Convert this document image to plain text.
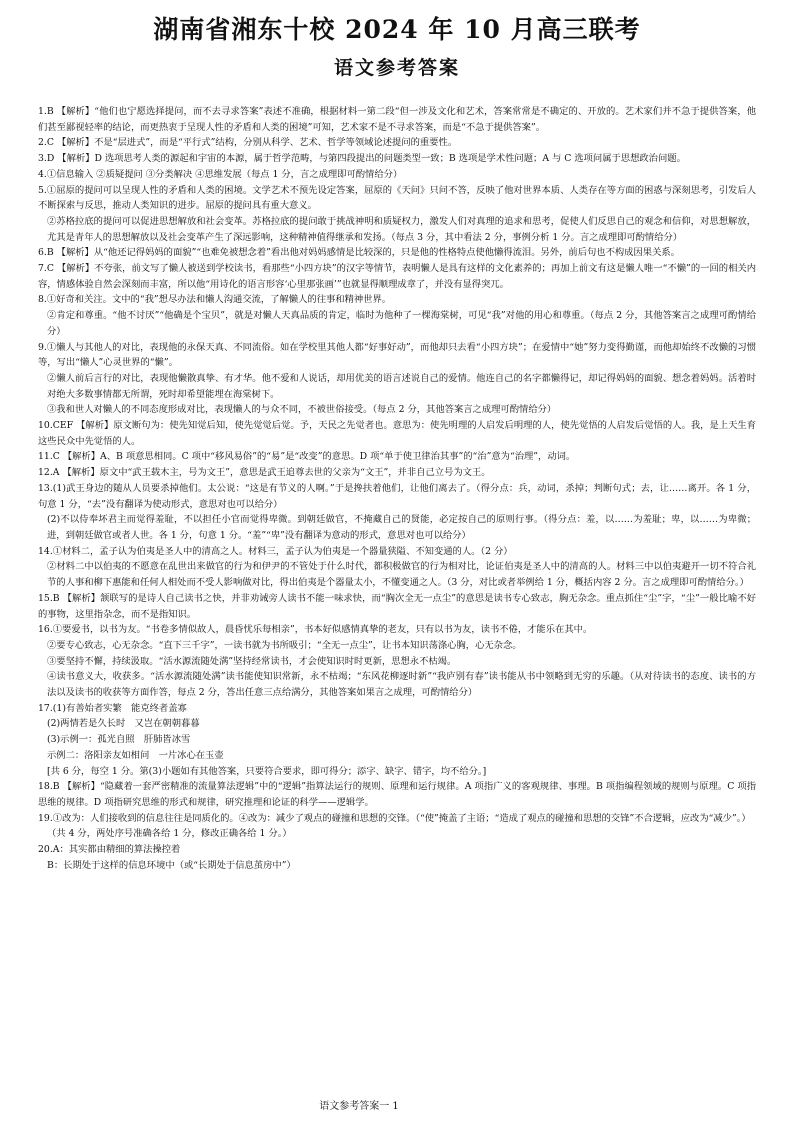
湖南省湘东十校 2024 年 10 月高三联考
语文参考答案

1.B 【解析】“他们也宁愿选择提问，而不去寻求答案”表述不准确，根据材料一第二段“但一涉及文化和艺术，答案常常是不确定的、开放的。艺术家们并不急于提供答案，他们甚至鄙视轻率的结论，而更热衷于呈现人性的矛盾和人类的困境”可知，艺术家不是不寻求答案，而是“不急于提供答案”。

2.C 【解析】不是“层进式”，而是“平行式”结构，分别从科学、艺术、哲学等领域论述提问的重要性。

3.D 【解析】D 选项思考人类的源起和宇宙的本源，属于哲学范畴，与第四段提出的问题类型一致；B 选项是学术性问题；A 与 C 选项问属于思想政治问题。

4.①信息输入 ②质疑提问 ③分类解决 ④思维发展（每点 1 分，言之成理即可酌情给分）

5.①屈原的提问可以呈现人性的矛盾和人类的困境。文学艺术不预先设定答案，屈原的《天问》只问不答，反映了他对世界本质、人类存在等方面的困惑与深刻思考，引发后人不断探索与反思，推动人类知识的进步。屈原的提问具有重大意义。

②苏格拉底的提问可以促进思想解放和社会变革。苏格拉底的提问敢于挑战神明和质疑权力，激发人们对真理的追求和思考，促使人们反思自己的观念和信仰，对思想解放，尤其是青年人的思想解放以及社会变革产生了深远影响，这种精神值得继承和发扬。（每点 3 分，其中看法 2 分，事例分析 1 分。言之成理即可酌情给分）

6.B 【解析】从“他还记得妈妈的面貌”“也难免被想念着”看出他对妈妈感情是比较深的，只是他的性格特点使他懒得流泪。另外，前后句也不构成因果关系。

7.C 【解析】不夸张，前文写了懒人被送到学校读书，看那些“小四方块”的汉字等情节，表明懒人是具有这样的文化素养的；再加上前文有这是懒人唯一“不懒”的一回的相关内容，情感体验自然会深刻而丰富，所以他“用诗化的语言形容‘心里那张画’”也就显得顺理成章了，并没有显得突兀。

8.①好奇和关注。文中的“我”想尽办法和懒人沟通交流，了解懒人的往事和精神世界。

②肯定和尊重。“他不讨厌”“他确是个宝贝”，就是对懒人天真品质的肯定，临时为他种了一棵海棠树，可见“我”对他的用心和尊重。（每点 2 分，其他答案言之成理可酌情给分）

9.①懒人与其他人的对比，表现他的永保天真、不同流俗。如在学校里其他人都“好事好动”，而他却只去看“小四方块”；在爱情中“她”努力变得勤谨，而他却始终不改懒的习惯等，写出“懒人”心灵世界的“懒”。

②懒人前后言行的对比，表现他懒散真挚、有才华。他不爱和人说话，却用优美的语言述说自己的爱情。他连自己的名字都懒得记，却记得妈妈的面貌、想念着妈妈。活着时对绝大多数事情都无所谓，死时却希望能埋在海棠树下。

③我和世人对懒人的不同态度形成对比，表现懒人的与众不同，不被世俗接受。（每点 2 分，其他答案言之成理可酌情给分）

10.CEF 【解析】原文断句为：使先知觉后知，使先觉觉后觉。予，天民之先觉者也。意思为：使先明理的人启发后明理的人，使先觉悟的人启发后觉悟的人。我，是上天生育这些民众中先觉悟的人。

11.C 【解析】A、B 项意思相同。C 项中“移风易俗”的“易”是“改变”的意思。D 项“单于使卫律治其事”的“治”意为“治理”，动词。

12.A 【解析】原文中“武王载木主，号为文王”，意思是武王追尊去世的父亲为“文王”，并非自己立号为文王。

13.(1)武王身边的随从人员要杀掉他们。太公说：“这是有节义的人啊。”于是搀扶着他们，让他们离去了。（得分点：兵，动词，杀掉；判断句式；去，让……离开。各 1 分，句意 1 分，“去”没有翻译为使动形式，意思对也可以给分）

(2)不以侍奉坏君主而觉得羞耻，不以担任小官而觉得卑微。到朝廷做官，不掩藏自己的贤能，必定按自己的原则行事。（得分点：羞，以……为羞耻；卑，以……为卑微；进，到朝廷做官或者人世。各 1 分，句意 1 分。“羞”“卑”没有翻译为意动的形式，意思对也可以给分）

14.①材料二，孟子认为伯夷是圣人中的清高之人。材料三，孟子认为伯夷是一个器量狭隘、不知变通的人。（2 分）

②材料二中以伯夷的不愿意在乱世出来做官的行为和伊尹的不管处于什么时代，都积极做官的行为相对比，论证伯夷是圣人中的清高的人。材料三中以伯夷避开一切不符合礼节的人事和柳下惠能和任何人相处而不受人影响做对比，得出伯夷是个器量太小，不懂变通之人。（3 分，对比或者举例给 1 分，概括内容 2 分。言之成理即可酌情给分。）

15.B 【解析】颔联写的是诗人自己读书之快，并非劝诫旁人读书不能一味求快，而“胸次全无一点尘”的意思是读书专心致志，胸无杂念。重点抓住“尘”字，“尘”一般比喻不好的事物，这里指杂念，而不是指知识。

16.①要爱书，以书为友。“书卷多情似故人，晨昏忧乐每相亲”，书本好似感情真挚的老友，只有以书为友，读书不倦，才能乐在其中。

②要专心致志，心无杂念。“直下三千字”，一读书就为书所吸引；“全无一点尘”，让书本知识荡涤心胸，心无杂念。

③要坚持不懈，持续汲取。“活水源流随处满”坚持经常读书，才会使知识时时更新，思想永不枯竭。

④读书意义大，收获多。“活水源流随处满”读书能使知识常新，永不枯竭；“东风花柳逐时新”“我庐别有春”读书能从书中领略到无穷的乐趣。（从对待读书的态度、读书的方法以及读书的收获等方面作答，每点 2 分，答出任意三点给满分，其他答案如果言之成理，可酌情给分）

17.(1)有善始者实繁　能克终者盖寡

(2)两情若是久长时　又岂在朝朝暮暮

(3)示例一：孤光自照　肝肺皆冰雪

示例二：洛阳亲友如相问　一片冰心在玉壶

[共 6 分，每空 1 分。第(3)小题如有其他答案，只要符合要求，即可得分；添字、缺字、错字，均不给分。]

18.B 【解析】“隐藏着一套严密精准的流量算法逻辑”中的“逻辑”指算法运行的规则、原理和运行规律。A 项指广义的客观规律、事理。B 项指编程领域的规则与原理。C 项指思维的规律。D 项指研究思维的形式和规律，研究推理和论证的科学——逻辑学。

19.①改为：人们接收到的信息往往是同质化的。④改为：减少了观点的碰撞和思想的交锋。（“使”掩盖了主语；“造成了观点的碰撞和思想的交锋”不合逻辑，应改为“减少”。）

（共 4 分，两处序号准确各给 1 分，修改正确各给 1 分。）

20.A：其实都由精细的算法操控着

B：长期处于这样的信息环境中（或“长期处于信息茧房中”）

语文参考答案一 1
